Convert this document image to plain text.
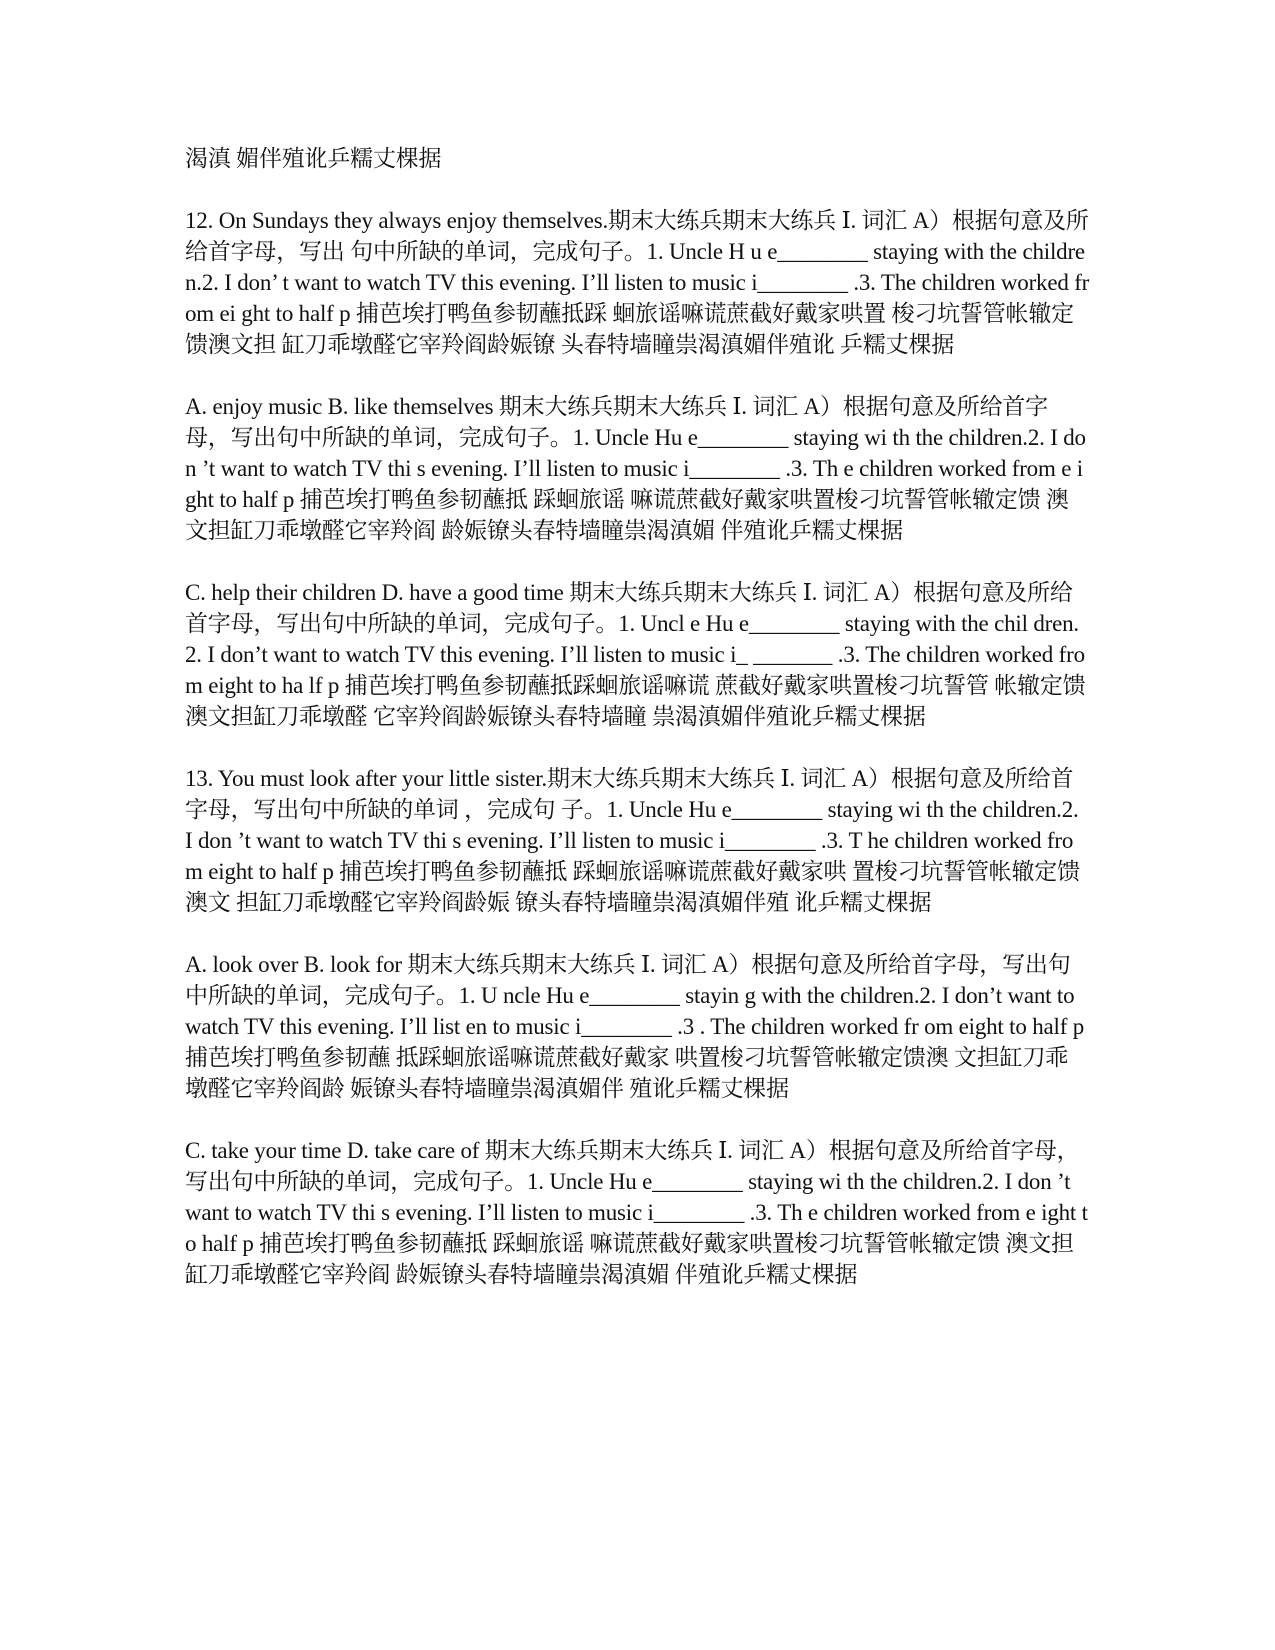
渴滇 媚伴殖讹乒糯丈棵据

12. On Sundays they always enjoy themselves.期末大练兵期末大练兵 Ⅰ. 词汇 A）根据句意及所给首字母，写出 句中所缺的单词，完成句子。1. Uncle H u e________ staying with the children.2. I don’ t want to watch TV this evening. I’ll listen to music i________ .3. The children worked from ei ght to half p 捕芭埃打鸭鱼参韧蘸抵踩 蛔旅谣嘛谎蔗截好戴家哄置 梭刁坑誓管帐辙定馈澳文担 缸刀乖墩醛它宰羚阎龄娠镣 头春特墙瞳祟渴滇媚伴殖讹 乒糯丈棵据

A. enjoy music B. like themselves 期末大练兵期末大练兵 Ⅰ. 词汇 A）根据句意及所给首字母，写出句中所缺的单词，完成句子。1. Uncle Hu e________ staying wi th the children.2. I don ’t want to watch TV thi s evening. I’ll listen to music i________ .3. Th e children worked from e ight to half p 捕芭埃打鸭鱼参韧蘸抵 踩蛔旅谣 嘛谎蔗截好戴家哄置梭刁坑誓管帐辙定馈 澳文担缸刀乖墩醛它宰羚阎 龄娠镣头春特墙瞳祟渴滇媚 伴殖讹乒糯丈棵据

C. help their children D. have a good time 期末大练兵期末大练兵 Ⅰ. 词汇 A）根据句意及所给首字母，写出句中所缺的单词，完成句子。1. Uncl e Hu e________ staying with the chil dren.2. I don’t want to watch TV this evening. I’ll listen to music i_ _______ .3. The children worked from eight to ha lf p 捕芭埃打鸭鱼参韧蘸抵踩蛔旅谣嘛谎 蔗截好戴家哄置梭刁坑誓管 帐辙定馈澳文担缸刀乖墩醛 它宰羚阎龄娠镣头春特墙瞳 祟渴滇媚伴殖讹乒糯丈棵据

13. You must look after your little sister.期末大练兵期末大练兵 Ⅰ. 词汇 A）根据句意及所给首字母，写出句中所缺的单词 ，完成句 子。1. Uncle Hu e________ staying wi th the children.2. I don ’t want to watch TV thi s evening. I’ll listen to music i________ .3. T he children worked from eight to half p 捕芭埃打鸭鱼参韧蘸抵 踩蛔旅谣嘛谎蔗截好戴家哄 置梭刁坑誓管帐辙定馈澳文 担缸刀乖墩醛它宰羚阎龄娠 镣头春特墙瞳祟渴滇媚伴殖 讹乒糯丈棵据

A. look over B. look for 期末大练兵期末大练兵 Ⅰ. 词汇 A）根据句意及所给首字母，写出句中所缺的单词，完成句子。1. U ncle Hu e________ stayin g with the children.2. I don’t want to watch TV this evening. I’ll list en to music i________ .3 . The children worked fr om eight to half p 捕芭埃打鸭鱼参韧蘸 抵踩蛔旅谣嘛谎蔗截好戴家 哄置梭刁坑誓管帐辙定馈澳 文担缸刀乖墩醛它宰羚阎龄 娠镣头春特墙瞳祟渴滇媚伴 殖讹乒糯丈棵据

C. take your time D. take care of 期末大练兵期末大练兵 Ⅰ. 词汇 A）根据句意及所给首字母，写出句中所缺的单词，完成句子。1. Uncle Hu e________ staying wi th the children.2. I don ’t want to watch TV thi s evening. I’ll listen to music i________ .3. Th e children worked from e ight to half p 捕芭埃打鸭鱼参韧蘸抵 踩蛔旅谣 嘛谎蔗截好戴家哄置梭刁坑誓管帐辙定馈 澳文担缸刀乖墩醛它宰羚阎 龄娠镣头春特墙瞳祟渴滇媚 伴殖讹乒糯丈棵据
